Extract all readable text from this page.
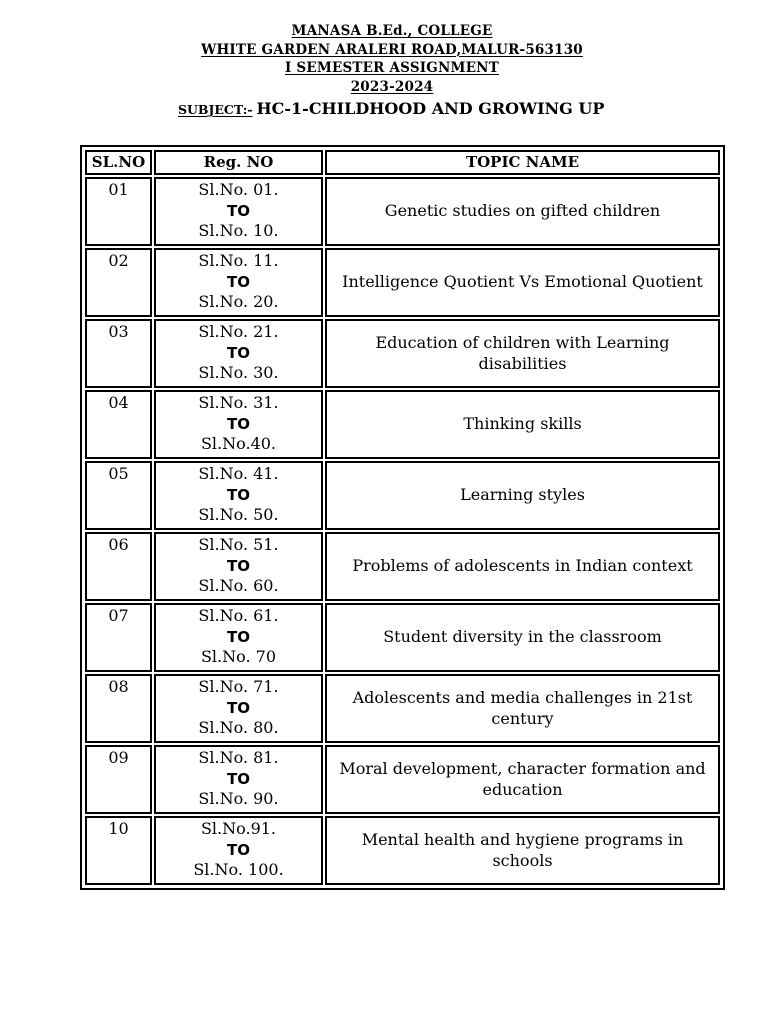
MANASA B.Ed., COLLEGE
WHITE GARDEN ARALERI ROAD,MALUR-563130
I SEMESTER ASSIGNMENT
2023-2024
SUBJECT:- HC-1-CHILDHOOD AND GROWING UP
SL.NO	Reg. NO	TOPIC NAME
01	Sl.No. 01.
TO
Sl.No. 10.	Genetic studies on gifted children
02	Sl.No. 11.
TO
Sl.No. 20.	Intelligence Quotient Vs Emotional Quotient
03	Sl.No. 21.
TO
Sl.No. 30.	Education of children with Learning disabilities
04	Sl.No. 31.
TO
Sl.No.40.	Thinking skills
05	Sl.No. 41.
TO
Sl.No. 50.	Learning styles
06	Sl.No. 51.
TO
Sl.No. 60.	Problems of adolescents in Indian context
07	Sl.No. 61.
TO
Sl.No. 70	Student diversity in the classroom
08	Sl.No. 71.
TO
Sl.No. 80.	Adolescents and media challenges in 21st century
09	Sl.No. 81.
TO
Sl.No. 90.	Moral development, character formation and education
10	Sl.No.91.
TO
Sl.No. 100.	Mental health and hygiene programs in schools
